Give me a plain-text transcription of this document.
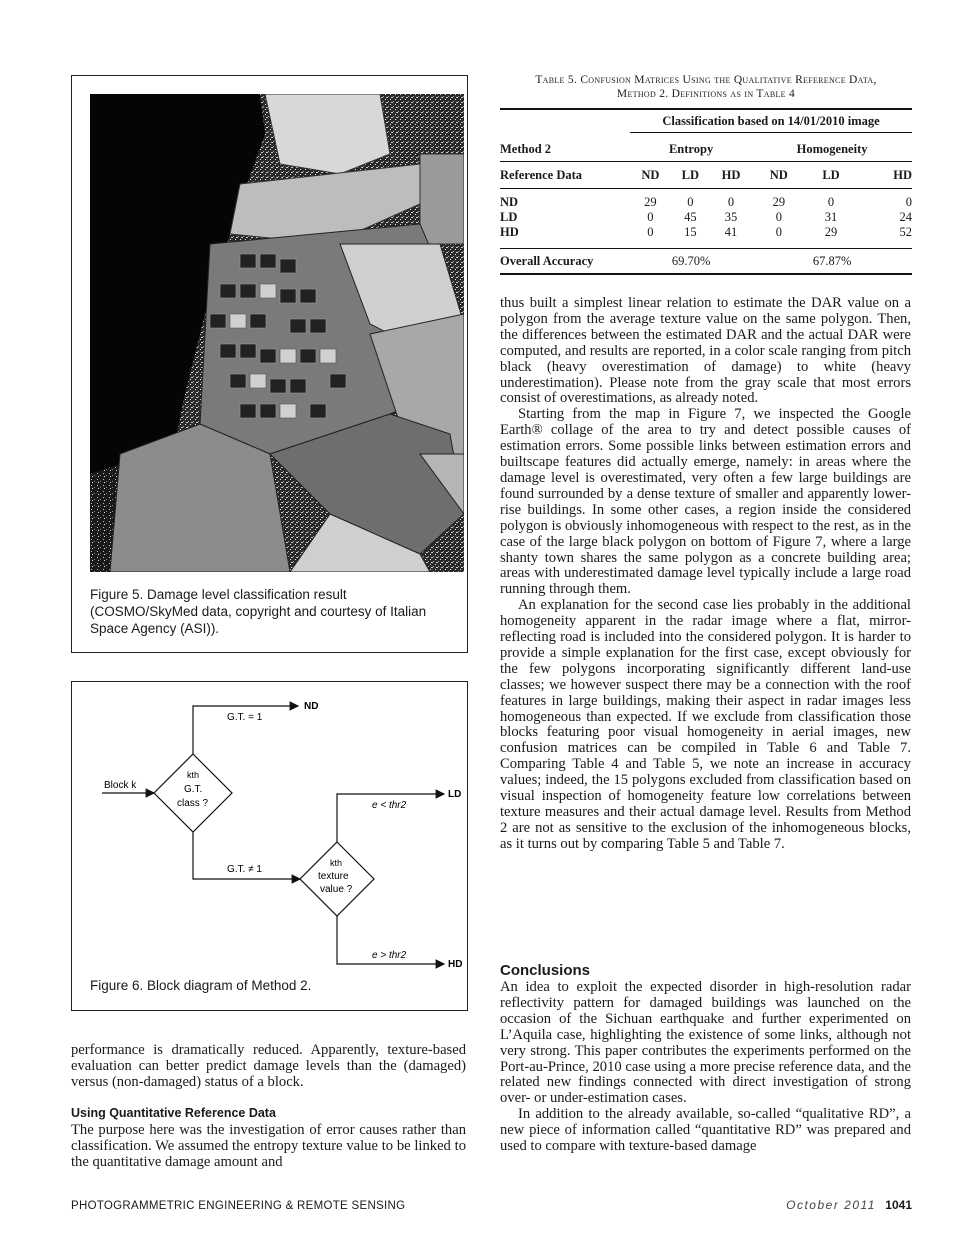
Figure 5. Damage level classification result
(COSMO/SkyMed data, copyright and courtesy of Italian
Space Agency (ASI)).
Block k
kth
G.T.
class ?
G.T. = 1
ND
G.T. ≠ 1
kth
texture
value ?
e < thr2
LD
e > thr2
HD
Figure 6. Block diagram of Method 2.
performance is dramatically reduced. Apparently, texture-based evaluation can better predict damage levels than the (damaged) versus (non-damaged) status of a block.
Using Quantitative Reference Data
The purpose here was the investigation of error causes rather than classification. We assumed the entropy texture value to be linked to the quantitative damage amount and
Table 5. Confusion Matrices Using the Qualitative Reference Data,
Method 2. Definitions as in Table 4
	Classification based on 14/01/2010 image					

Method 2	Entropy			Homogeneity		
Reference Data	ND	LD	HD	ND	LD	HD

ND	29	0	0	29	0	0
LD	0	45	35	0	31	24
HD	0	15	41	0	29	52

Overall Accuracy	69.70%			67.87%		

thus built a simplest linear relation to estimate the DAR value on a polygon from the average texture value on the same polygon. Then, the differences between the estimated DAR and the actual DAR were computed, and results are reported, in a color scale ranging from pitch black (heavy overestimation of damage) to white (heavy underestimation). Please note from the gray scale that most errors consist of overestimations, as already noted.

Starting from the map in Figure 7, we inspected the Google Earth® collage of the area to try and detect possible causes of estimation errors. Some possible links between estimation errors and builtscape features did actually emerge, namely: in areas where the damage level is overestimated, very often a few large buildings are found surrounded by a dense texture of smaller and apparently lower-rise buildings. In some other cases, a region inside the considered polygon is obviously inhomogeneous with respect to the rest, as in the case of the large black polygon on bottom of Figure 7, where a large shanty town shares the same polygon as a concrete building area; areas with underestimated damage level typically include a large road running through them.

An explanation for the second case lies probably in the additional homogeneity apparent in the radar image where a flat, mirror-reflecting road is included into the considered polygon. It is harder to provide a simple explanation for the first case, except obviously for the few polygons incorporating significantly different land-use classes; we however suspect there may be a connection with the roof features in large buildings, making their aspect in radar images less homogeneous than expected. If we exclude from classification those blocks featuring poor visual homogeneity in aerial images, new confusion matrices can be compiled in Table 6 and Table 7. Comparing Table 4 and Table 5, we note an increase in accuracy values; indeed, the 15 polygons excluded from classification based on visual inspection of homogeneity feature low correlations between texture measures and their actual damage level. Results from Method 2 are not as sensitive to the exclusion of the inhomogeneous blocks, as it turns out by comparing Table 5 and Table 7.

Conclusions

An idea to exploit the expected disorder in high-resolution radar reflectivity pattern for damaged buildings was launched on the occasion of the Sichuan earthquake and further experimented on L’Aquila case, highlighting the existence of some links, although not very strong. This paper contributes the experiments performed on the Port-au-Prince, 2010 case using a more precise reference data, and the related new findings connected with direct investigation of strong over- or under-estimation cases.

In addition to the already available, so-called “qualitative RD”, a new piece of information called “quantitative RD” was prepared and used to compare with texture-based damage

PHOTOGRAMMETRIC ENGINEERING & REMOTE SENSING	October 2011 1041
